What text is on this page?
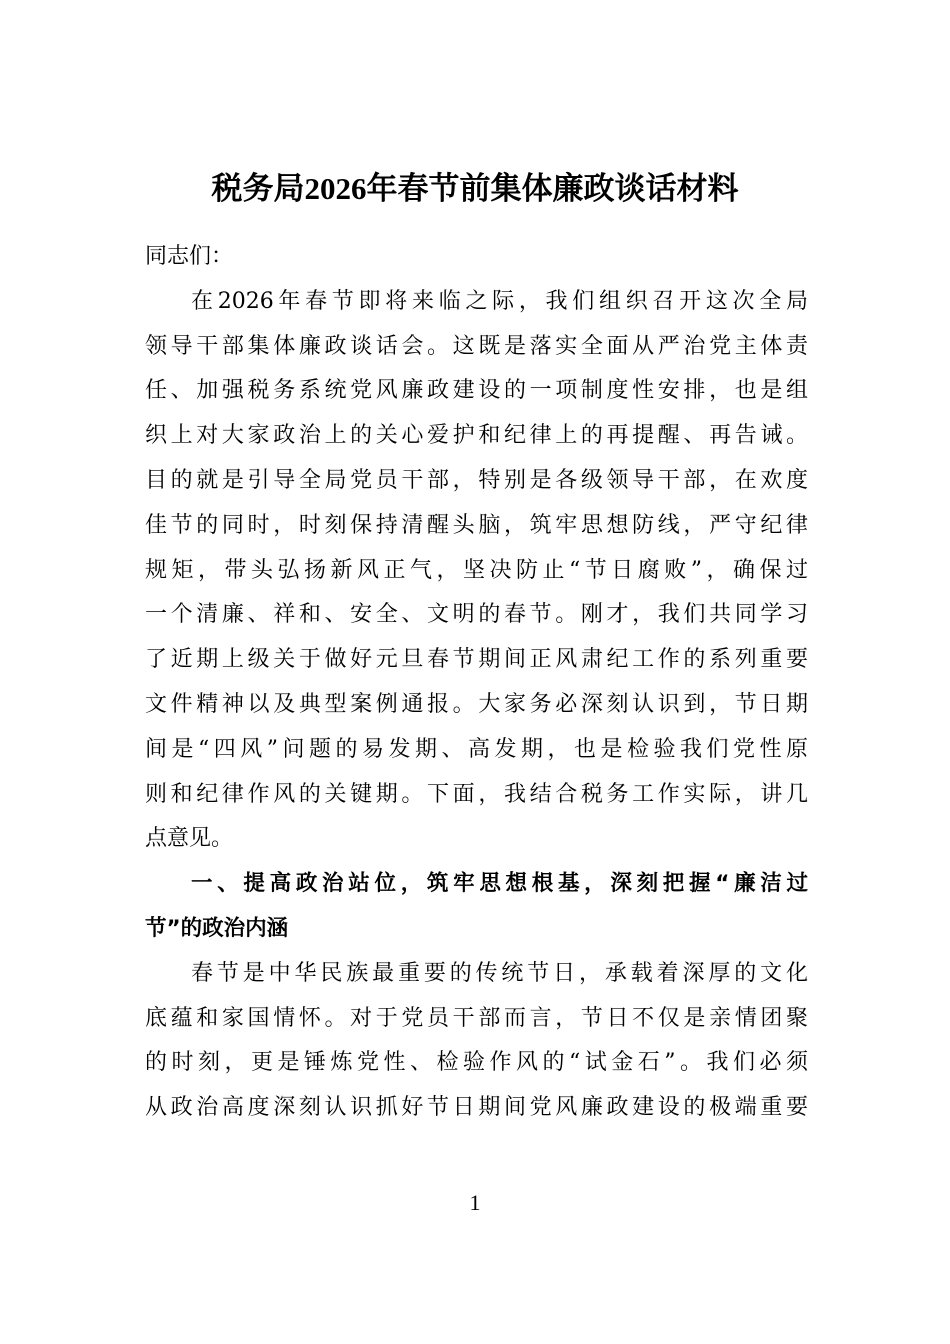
税务局2026年春节前集体廉政谈话材料
同志们：
在2026年春节即将来临之际，我们组织召开这次全局
领导干部集体廉政谈话会。这既是落实全面从严治党主体责
任、加强税务系统党风廉政建设的一项制度性安排，也是组
织上对大家政治上的关心爱护和纪律上的再提醒、再告诫。
目的就是引导全局党员干部，特别是各级领导干部，在欢度
佳节的同时，时刻保持清醒头脑，筑牢思想防线，严守纪律
规矩，带头弘扬新风正气，坚决防止“节日腐败”，确保过
一个清廉、祥和、安全、文明的春节。刚才，我们共同学习
了近期上级关于做好元旦春节期间正风肃纪工作的系列重要
文件精神以及典型案例通报。大家务必深刻认识到，节日期
间是“四风”问题的易发期、高发期，也是检验我们党性原
则和纪律作风的关键期。下面，我结合税务工作实际，讲几
点意见。
一、提高政治站位，筑牢思想根基，深刻把握“廉洁过
节”的政治内涵
春节是中华民族最重要的传统节日，承载着深厚的文化
底蕴和家国情怀。对于党员干部而言，节日不仅是亲情团聚
的时刻，更是锤炼党性、检验作风的“试金石”。我们必须
从政治高度深刻认识抓好节日期间党风廉政建设的极端重要
1
